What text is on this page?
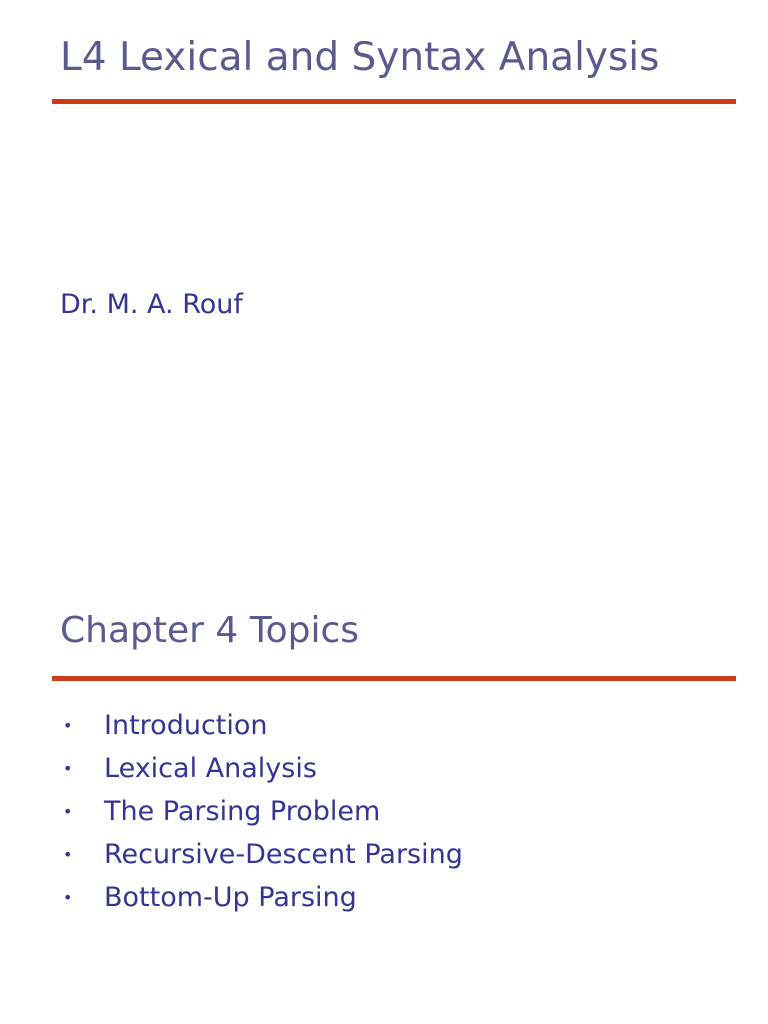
L4 Lexical and Syntax Analysis

Dr. M. A. Rouf

Chapter 4 Topics
• Introduction
• Lexical Analysis
• The Parsing Problem
• Recursive-Descent Parsing
• Bottom-Up Parsing
